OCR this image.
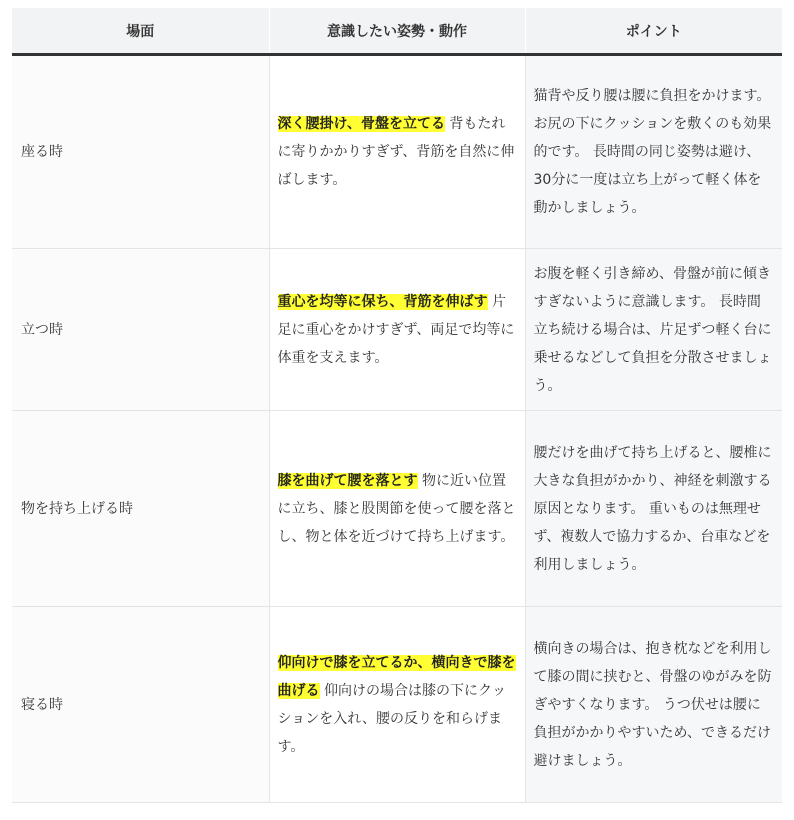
場面	意識したい姿勢・動作	ポイント
座る時	深く腰掛け、骨盤を立てる 背もたれに寄りかかりすぎず、背筋を自然に伸ばします。	猫背や反り腰は腰に負担をかけます。お尻の下にクッションを敷くのも効果的です。 長時間の同じ姿勢は避け、30分に一度は立ち上がって軽く体を動かしましょう。
立つ時	重心を均等に保ち、背筋を伸ばす 片足に重心をかけすぎず、両足で均等に体重を支えます。	お腹を軽く引き締め、骨盤が前に傾きすぎないように意識します。 長時間立ち続ける場合は、片足ずつ軽く台に乗せるなどして負担を分散させましょう。
物を持ち上げる時	膝を曲げて腰を落とす 物に近い位置に立ち、膝と股関節を使って腰を落とし、物と体を近づけて持ち上げます。	腰だけを曲げて持ち上げると、腰椎に大きな負担がかかり、神経を刺激する原因となります。 重いものは無理せず、複数人で協力するか、台車などを利用しましょう。
寝る時	仰向けで膝を立てるか、横向きで膝を曲げる 仰向けの場合は膝の下にクッションを入れ、腰の反りを和らげます。	横向きの場合は、抱き枕などを利用して膝の間に挟むと、骨盤のゆがみを防ぎやすくなります。 うつ伏せは腰に負担がかかりやすいため、できるだけ避けましょう。
